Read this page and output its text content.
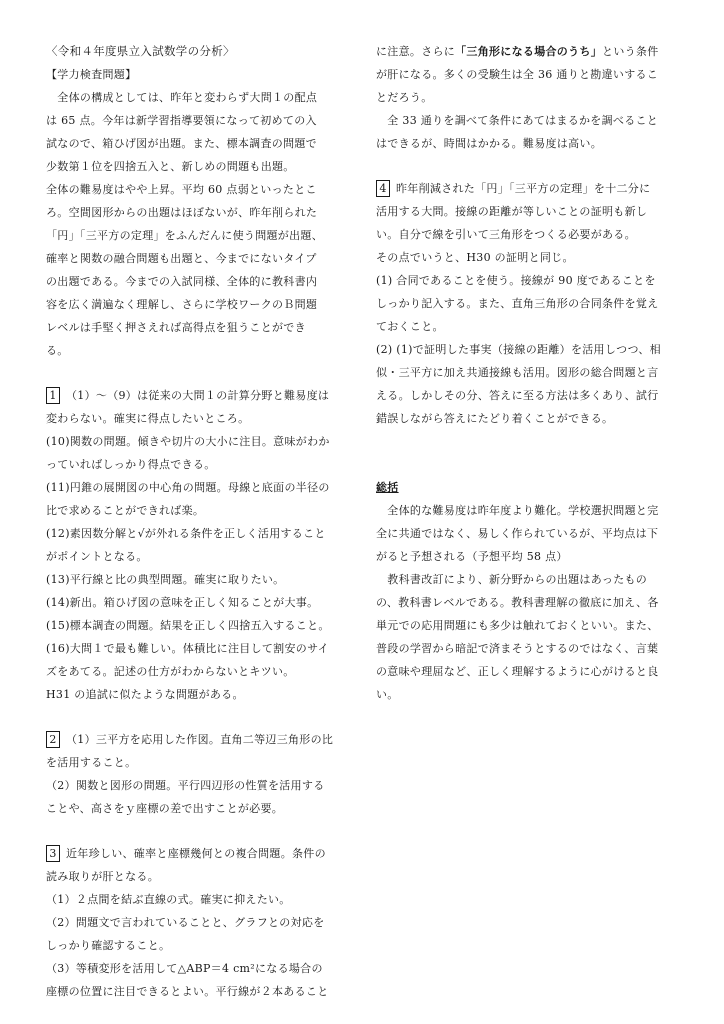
〈令和４年度県立入試数学の分析〉

【学力検査問題】

　全体の構成としては、昨年と変わらず大問１の配点

は 65 点。今年は新学習指導要領になって初めての入

試なので、箱ひげ図が出題。また、標本調査の問題で

少数第１位を四捨五入と、新しめの問題も出題。

全体の難易度はやや上昇。平均 60 点弱といったとこ

ろ。空間図形からの出題はほぼないが、昨年削られた

「円」「三平方の定理」をふんだんに使う問題が出題、

確率と関数の融合問題も出題と、今までにないタイプ

の出題である。今までの入試同様、全体的に教科書内

容を広く満遍なく理解し、さらに学校ワークのＢ問題

レベルは手堅く押さえれば高得点を狙うことができ

る。

1 （1）～（9）は従来の大問１の計算分野と難易度は

変わらない。確実に得点したいところ。

(10)関数の問題。傾きや切片の大小に注目。意味がわか

っていればしっかり得点できる。

(11)円錐の展開図の中心角の問題。母線と底面の半径の

比で求めることができれば楽。

(12)素因数分解と√が外れる条件を正しく活用すること

がポイントとなる。

(13)平行線と比の典型問題。確実に取りたい。

(14)新出。箱ひげ図の意味を正しく知ることが大事。

(15)標本調査の問題。結果を正しく四捨五入すること。

(16)大問１で最も難しい。体積比に注目して割安のサイ

ズをあてる。記述の仕方がわからないとキツい。

H31 の追試に似たような問題がある。

2 （1）三平方を応用した作図。直角二等辺三角形の比

を活用すること。

（2）関数と図形の問題。平行四辺形の性質を活用する

ことや、高さをｙ座標の差で出すことが必要。

3 近年珍しい、確率と座標幾何との複合問題。条件の

読み取りが肝となる。

（1）２点間を結ぶ直線の式。確実に抑えたい。

（2）問題文で言われていることと、グラフとの対応を

しっかり確認すること。

（3）等積変形を活用して△ABP＝4 cm²になる場合の

座標の位置に注目できるとよい。平行線が２本あること

に注意。さらに「三角形になる場合のうち」という条件

が肝になる。多くの受験生は全 36 通りと勘違いするこ

とだろう。

　全 33 通りを調べて条件にあてはまるかを調べること

はできるが、時間はかかる。難易度は高い。

4 昨年削減された「円」「三平方の定理」を十二分に

活用する大問。接線の距離が等しいことの証明も新し

い。自分で線を引いて三角形をつくる必要がある。

その点でいうと、H30 の証明と同じ。

(1) 合同であることを使う。接線が 90 度であることを

しっかり記入する。また、直角三角形の合同条件を覚え

ておくこと。

(2) (1)で証明した事実（接線の距離）を活用しつつ、相

似・三平方に加え共通接線も活用。図形の総合問題と言

える。しかしその分、答えに至る方法は多くあり、試行

錯誤しながら答えにたどり着くことができる。

総括

　全体的な難易度は昨年度より難化。学校選択問題と完

全に共通ではなく、易しく作られているが、平均点は下

がると予想される（予想平均 58 点）

　教科書改訂により、新分野からの出題はあったもの

の、教科書レベルである。教科書理解の徹底に加え、各

単元での応用問題にも多少は触れておくといい。また、

普段の学習から暗記で済まそうとするのではなく、言葉

の意味や理屈など、正しく理解するように心がけると良

い。
